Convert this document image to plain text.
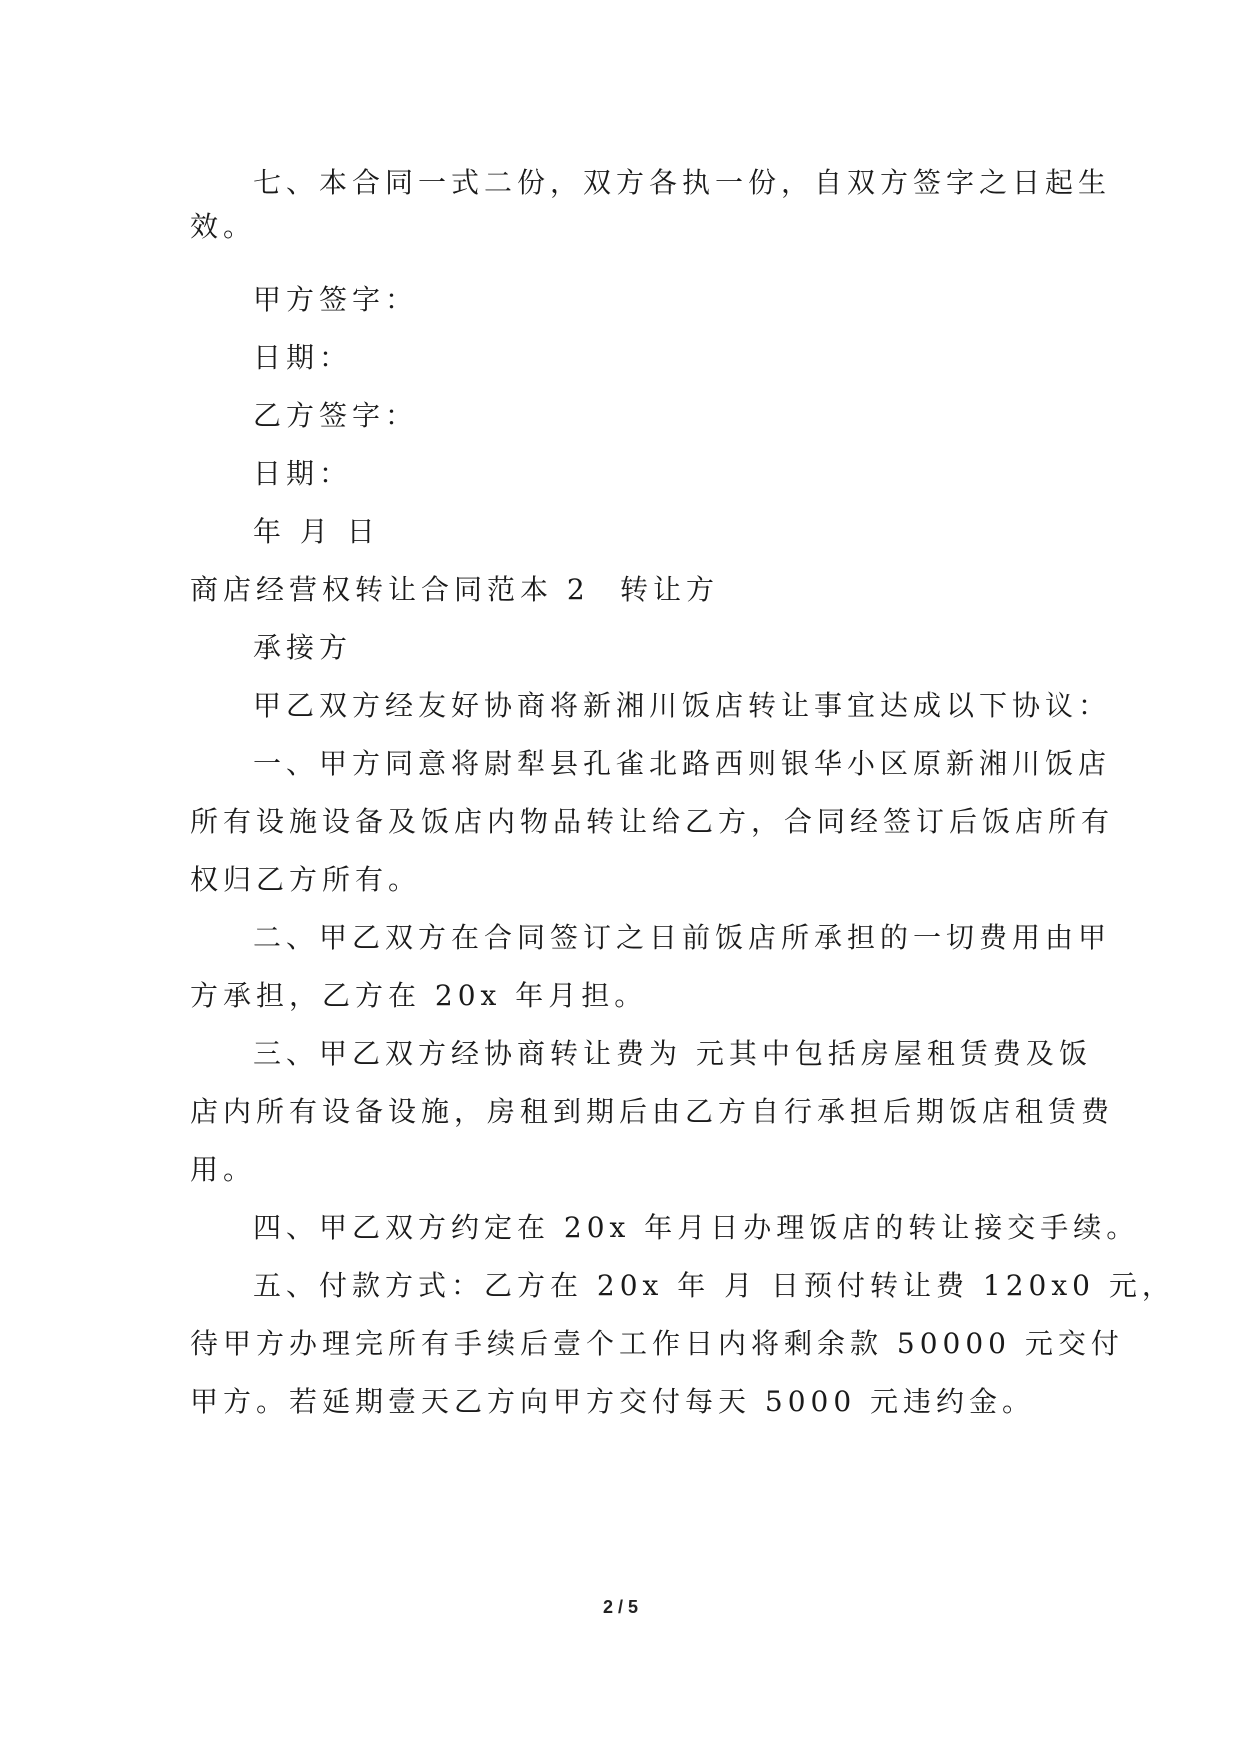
七、本合同一式二份，双方各执一份，自双方签字之日起生
效。
甲方签字：
日期：
乙方签字：
日期：
年 月 日
商店经营权转让合同范本 2	转让方
承接方
甲乙双方经友好协商将新湘川饭店转让事宜达成以下协议：
一、甲方同意将尉犁县孔雀北路西则银华小区原新湘川饭店
所有设施设备及饭店内物品转让给乙方，合同经签订后饭店所有
权归乙方所有。
二、甲乙双方在合同签订之日前饭店所承担的一切费用由甲
方承担，乙方在 20x 年月担。
三、甲乙双方经协商转让费为 元其中包括房屋租赁费及饭
店内所有设备设施，房租到期后由乙方自行承担后期饭店租赁费
用。
四、甲乙双方约定在 20x 年月日办理饭店的转让接交手续。
五、付款方式：乙方在 20x 年 月 日预付转让费 120x0 元，
待甲方办理完所有手续后壹个工作日内将剩余款 50000 元交付
甲方。若延期壹天乙方向甲方交付每天 5000 元违约金。
2 / 5
